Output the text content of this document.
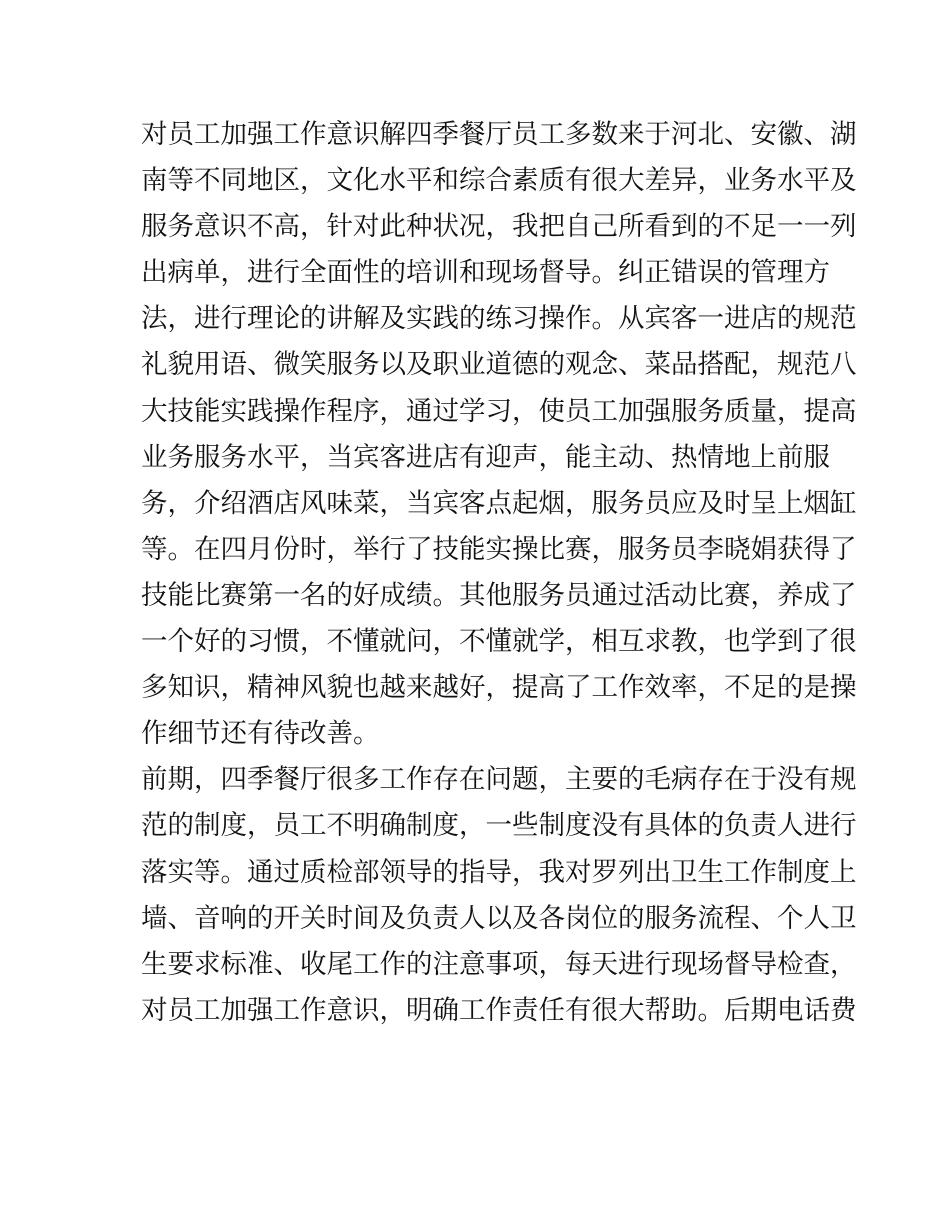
对员工加强工作意识解四季餐厅员工多数来于河北、安徽、湖
南等不同地区，文化水平和综合素质有很大差异，业务水平及
服务意识不高，针对此种状况，我把自己所看到的不足一一列
出病单，进行全面性的培训和现场督导。纠正错误的管理方
法，进行理论的讲解及实践的练习操作。从宾客一进店的规范
礼貌用语、微笑服务以及职业道德的观念、菜品搭配，规范八
大技能实践操作程序，通过学习，使员工加强服务质量，提高
业务服务水平，当宾客进店有迎声，能主动、热情地上前服
务，介绍酒店风味菜，当宾客点起烟，服务员应及时呈上烟缸
等。在四月份时，举行了技能实操比赛，服务员李晓娟获得了
技能比赛第一名的好成绩。其他服务员通过活动比赛，养成了
一个好的习惯，不懂就问，不懂就学，相互求教，也学到了很
多知识，精神风貌也越来越好，提高了工作效率，不足的是操
作细节还有待改善。
前期，四季餐厅很多工作存在问题，主要的毛病存在于没有规
范的制度，员工不明确制度，一些制度没有具体的负责人进行
落实等。通过质检部领导的指导，我对罗列出卫生工作制度上
墙、音响的开关时间及负责人以及各岗位的服务流程、个人卫
生要求标准、收尾工作的注意事项，每天进行现场督导检查，
对员工加强工作意识，明确工作责任有很大帮助。后期电话费
